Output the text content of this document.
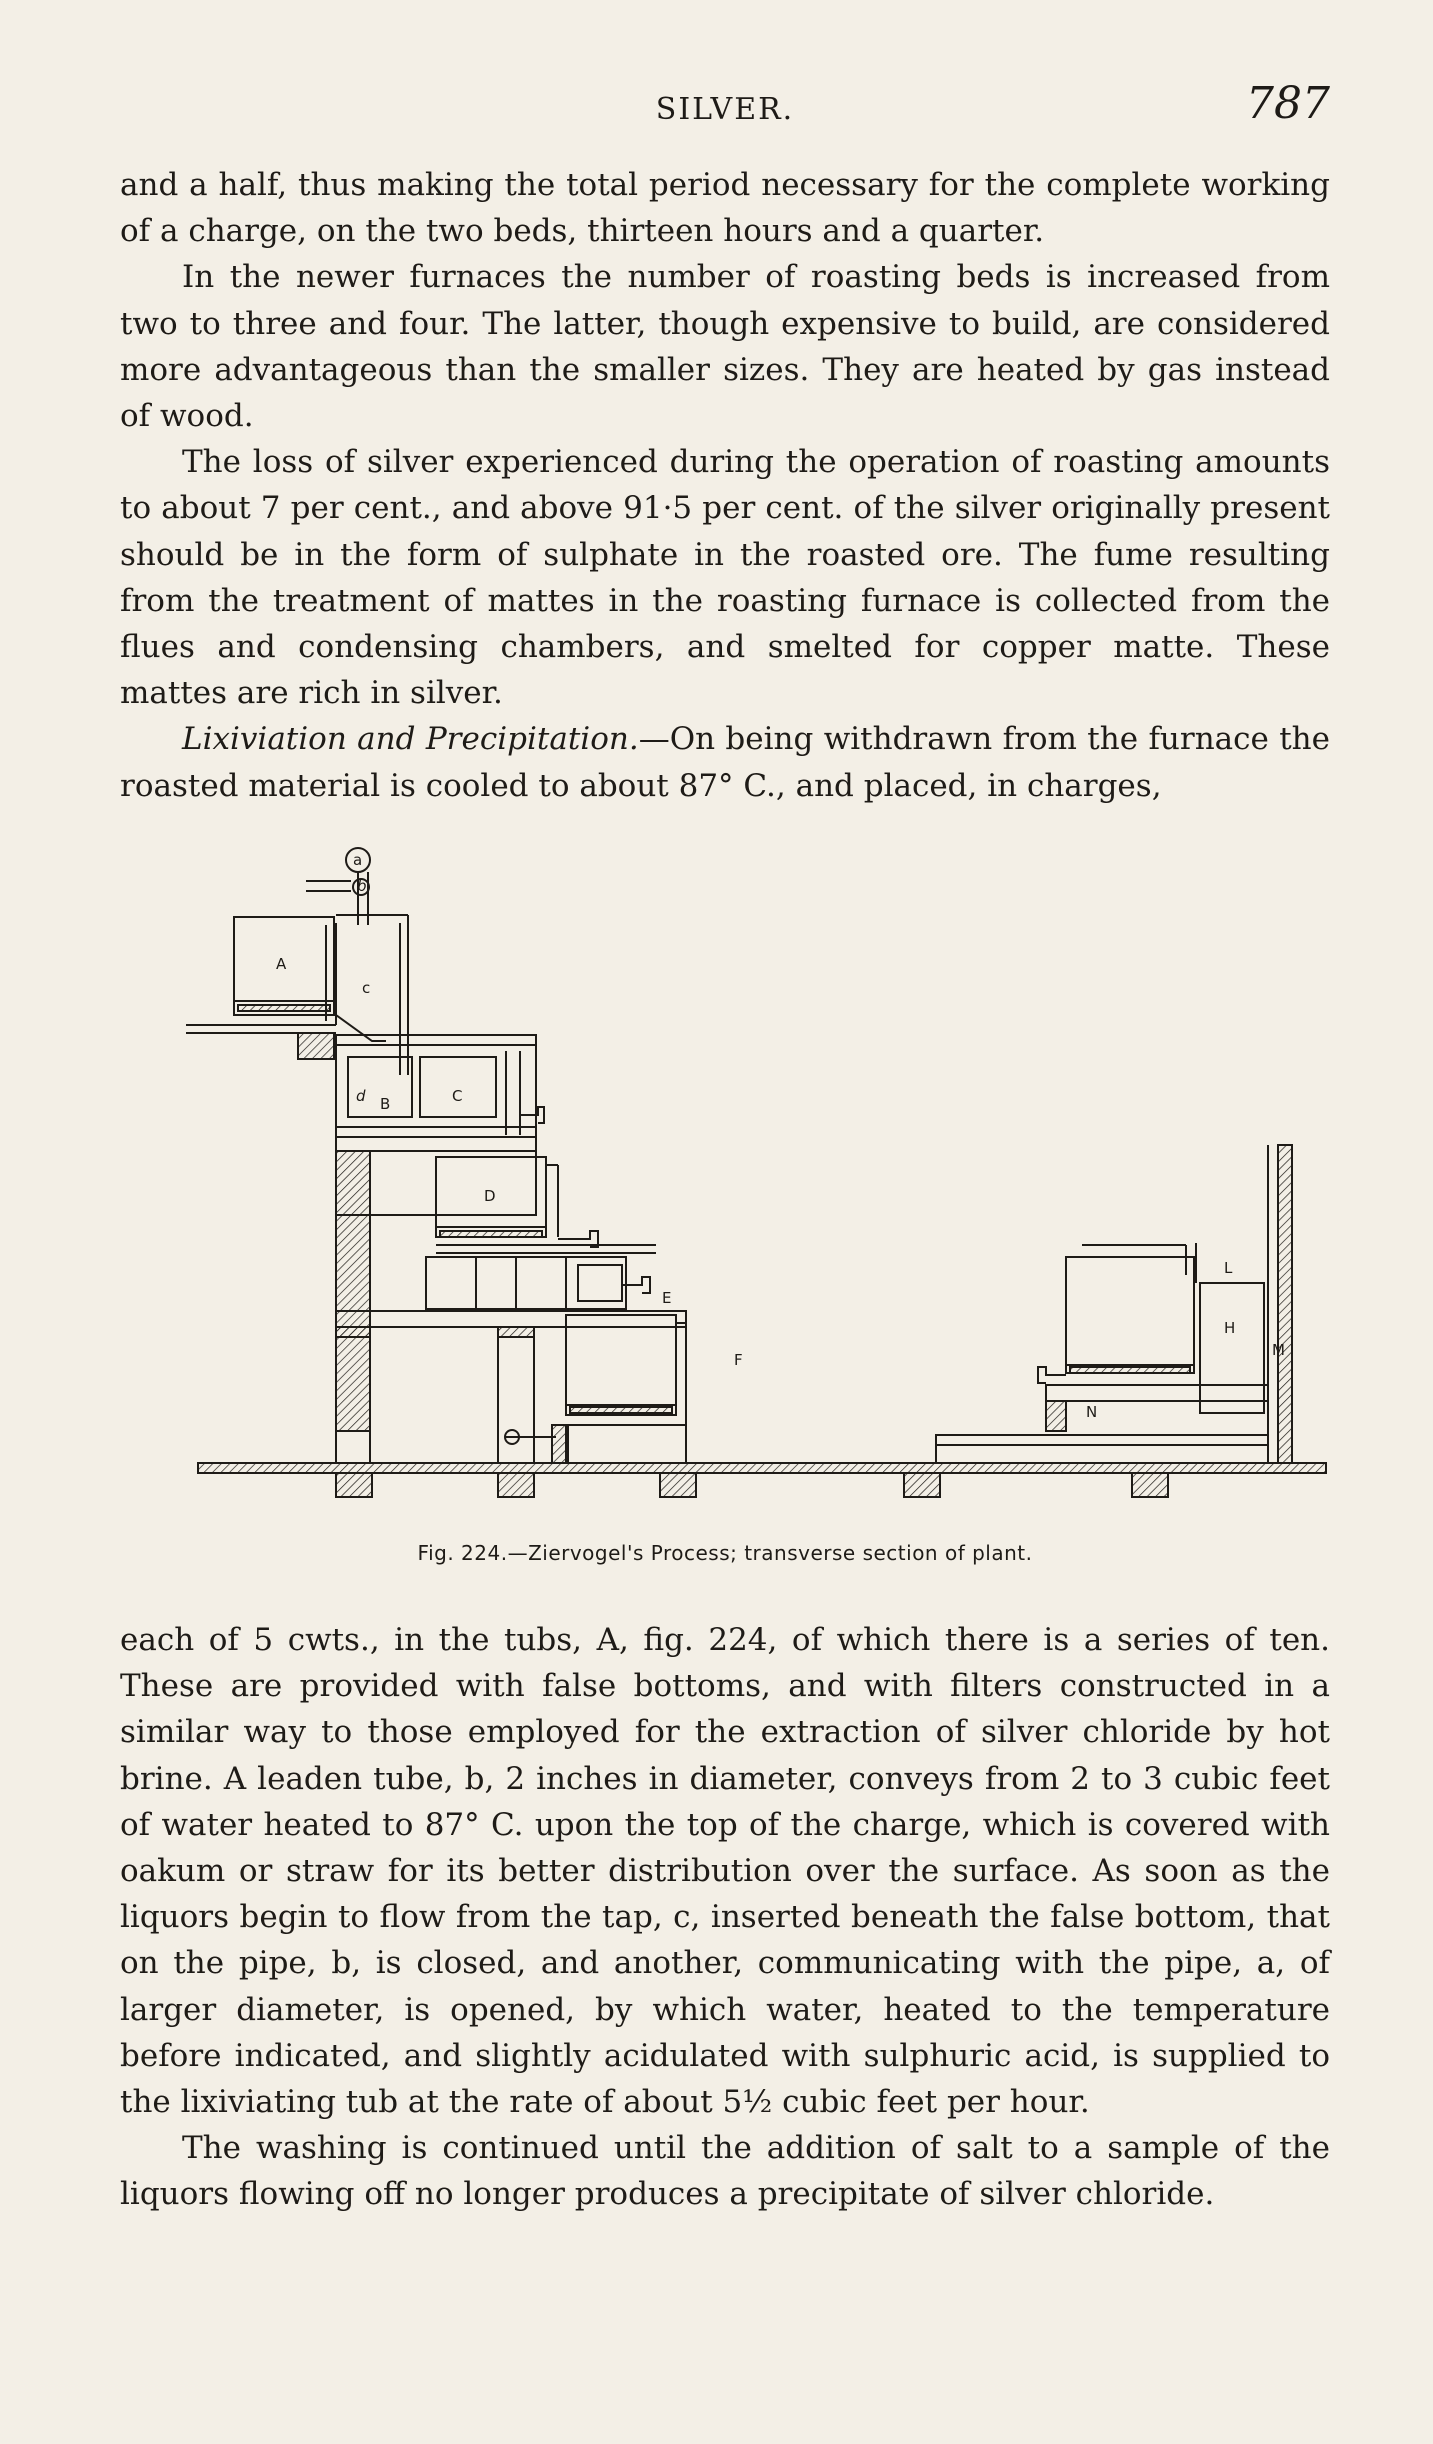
SILVER.	787

and a half, thus making the total period necessary for the complete working of a charge, on the two beds, thirteen hours and a quarter.

In the newer furnaces the number of roasting beds is increased from two to three and four. The latter, though expensive to build, are considered more advantageous than the smaller sizes. They are heated by gas instead of wood.

The loss of silver experienced during the operation of roasting amounts to about 7 per cent., and above 91·5 per cent. of the silver originally present should be in the form of sulphate in the roasted ore. The fume resulting from the treatment of mattes in the roasting furnace is collected from the flues and condensing chambers, and smelted for copper matte. These mattes are rich in silver.

Lixiviation and Precipitation.—On being withdrawn from the furnace the roasted material is cooled to about 87° C., and placed, in charges,

a
b
A
c
d B	C
D
E
F
H
L
M
N
Fig. 224.—Ziervogel's Process; transverse section of plant.

each of 5 cwts., in the tubs, A, fig. 224, of which there is a series of ten. These are provided with false bottoms, and with filters constructed in a similar way to those employed for the extraction of silver chloride by hot brine. A leaden tube, b, 2 inches in diameter, conveys from 2 to 3 cubic feet of water heated to 87° C. upon the top of the charge, which is covered with oakum or straw for its better distribution over the surface. As soon as the liquors begin to flow from the tap, c, inserted beneath the false bottom, that on the pipe, b, is closed, and another, communicating with the pipe, a, of larger diameter, is opened, by which water, heated to the temperature before indicated, and slightly acidulated with sulphuric acid, is supplied to the lixiviating tub at the rate of about 5½ cubic feet per hour.

The washing is continued until the addition of salt to a sample of the liquors flowing off no longer produces a precipitate of silver chloride.
